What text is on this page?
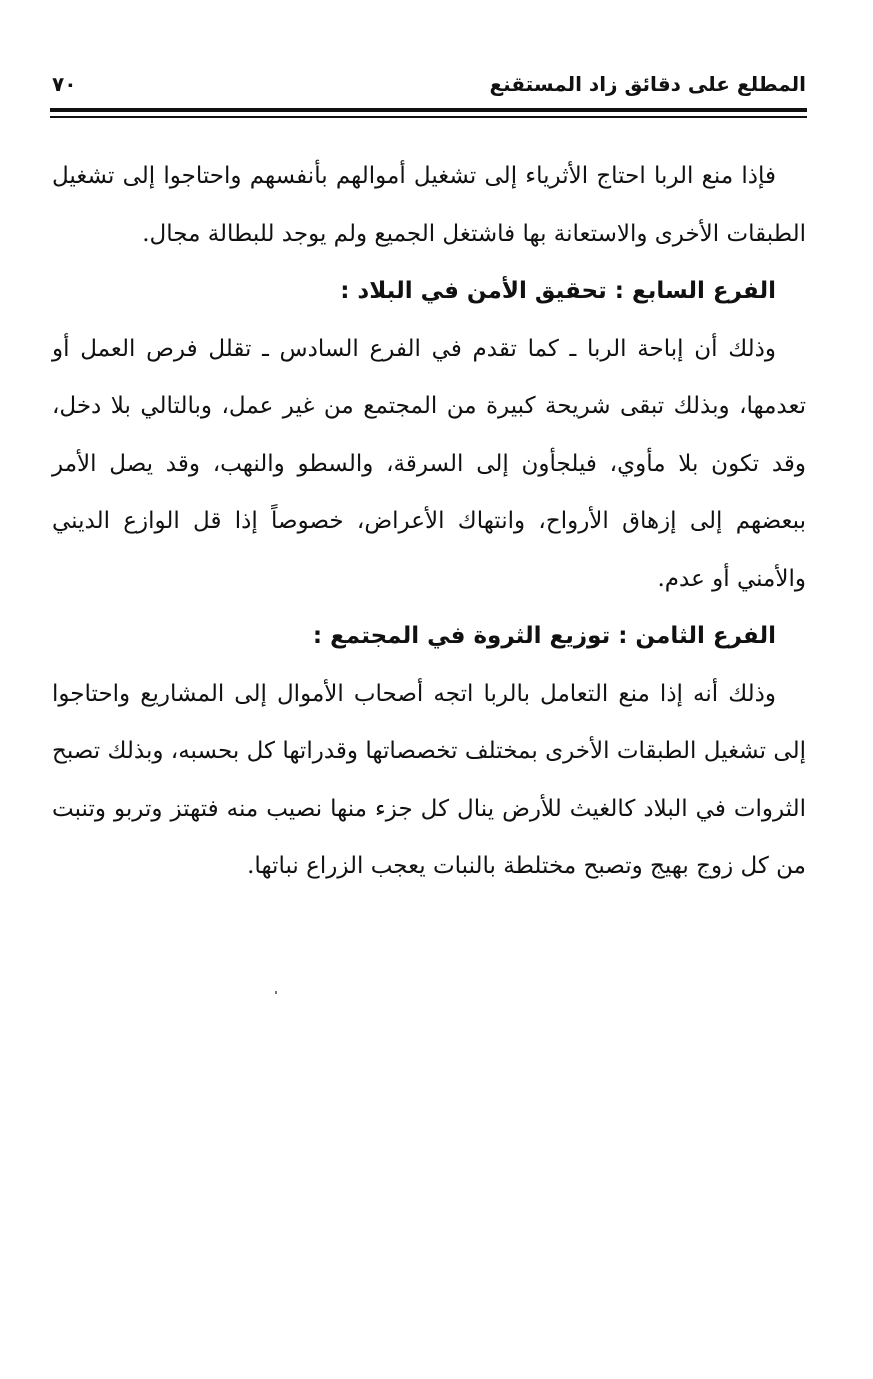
المطلع على دقائق زاد المستقنع
٧٠

فإذا منع الربا احتاج الأثرياء إلى تشغيل أموالهم بأنفسهم واحتاجوا إلى تشغيل الطبقات الأخرى والاستعانة بها فاشتغل الجميع ولم يوجد للبطالة مجال.

الفرع السابع : تحقيق الأمن في البلاد :

وذلك أن إباحة الربا ـ كما تقدم في الفرع السادس ـ تقلل فرص العمل أو تعدمها، وبذلك تبقى شريحة كبيرة من المجتمع من غير عمل، وبالتالي بلا دخل، وقد تكون بلا مأوي، فيلجأون إلى السرقة، والسطو والنهب، وقد يصل الأمر ببعضهم إلى إزهاق الأرواح، وانتهاك الأعراض، خصوصاً إذا قل الوازع الديني والأمني أو عدم.

الفرع الثامن : توزيع الثروة في المجتمع :

وذلك أنه إذا منع التعامل بالربا اتجه أصحاب الأموال إلى المشاريع واحتاجوا إلى تشغيل الطبقات الأخرى بمختلف تخصصاتها وقدراتها كل بحسبه، وبذلك تصبح الثروات في البلاد كالغيث للأرض ينال كل جزء منها نصيب منه فتهتز وتربو وتنبت من كل زوج بهيج وتصبح مختلطة بالنبات يعجب الزراع نباتها.
